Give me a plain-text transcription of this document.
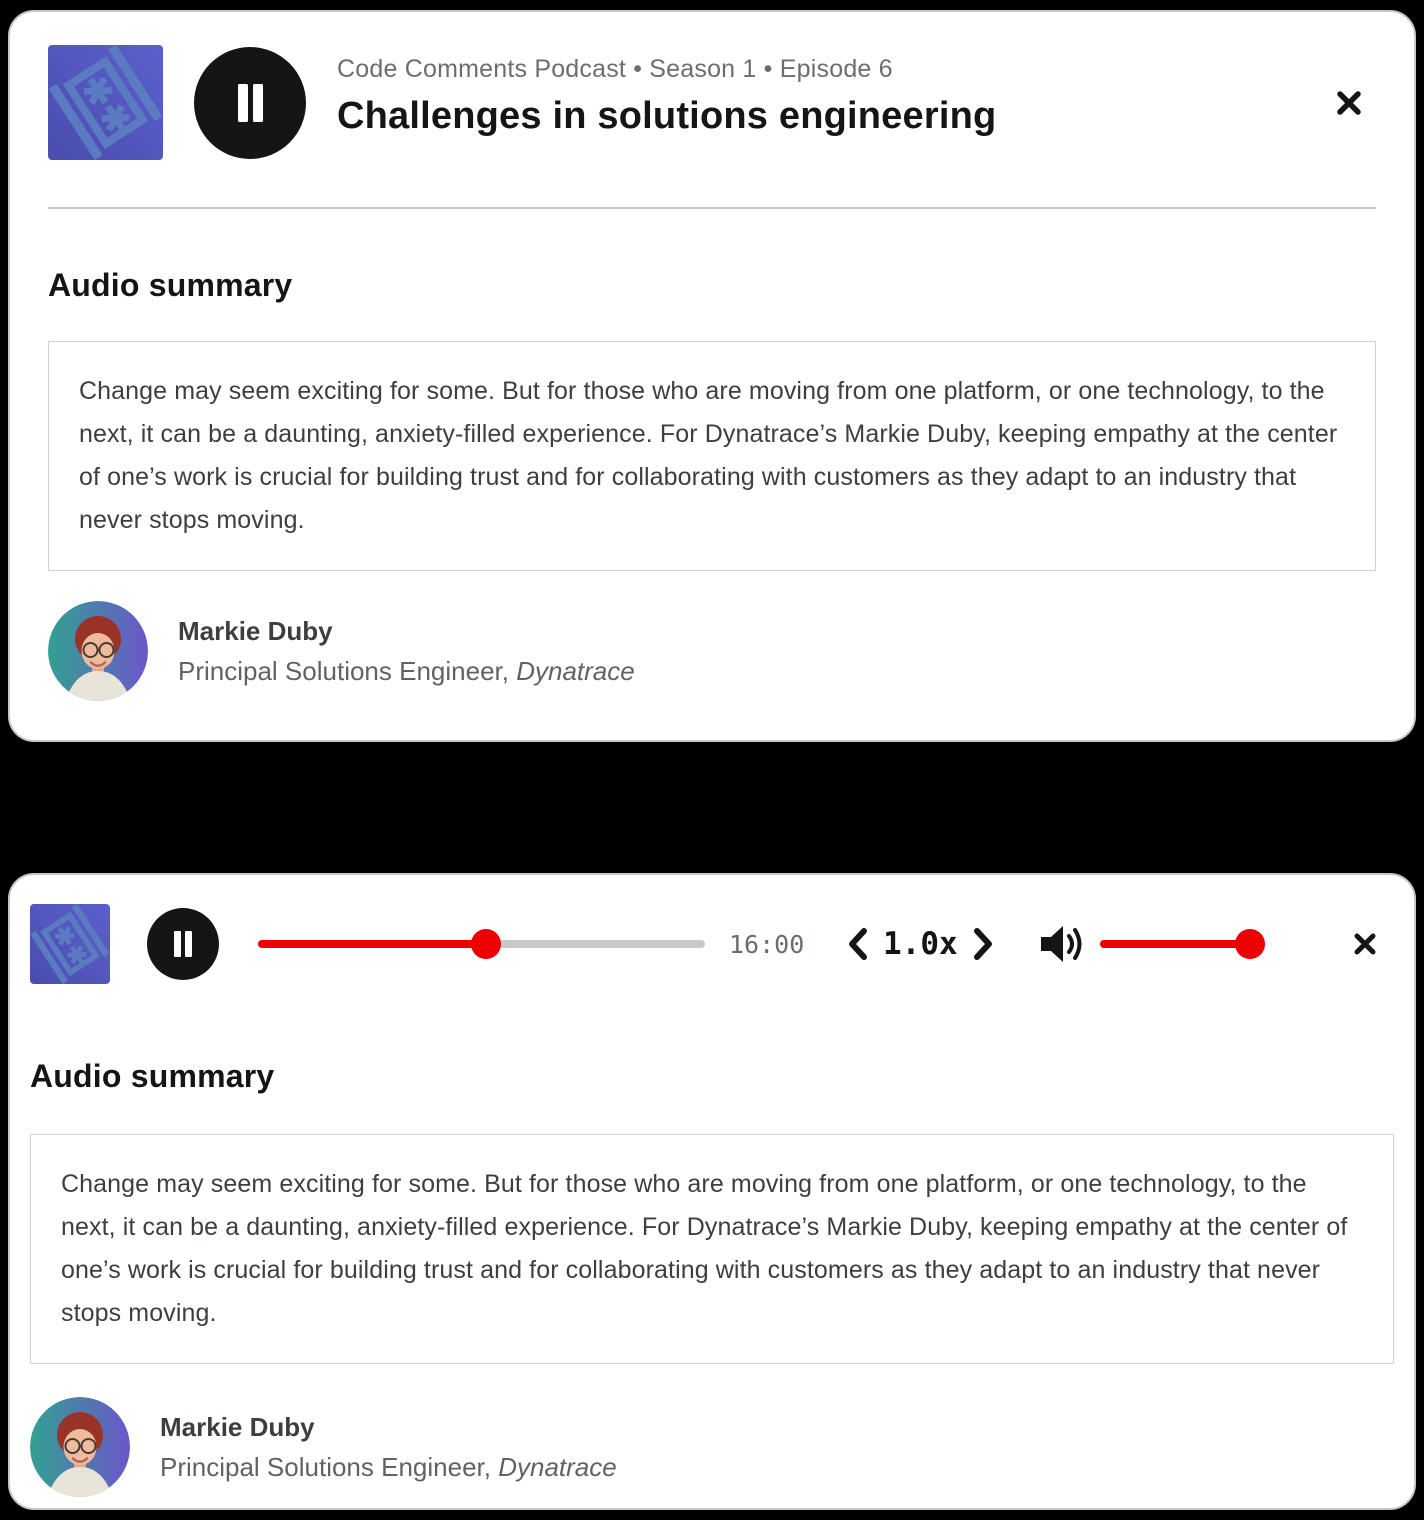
Code Comments Podcast • Season 1 • Episode 6
Challenges in solutions engineering
Audio summary
Change may seem exciting for some. But for those who are moving from one platform, or one technology, to the next, it can be a daunting, anxiety-filled experience. For Dynatrace’s Markie Duby, keeping empathy at the center of one’s work is crucial for building trust and for collaborating with customers as they adapt to an industry that never stops moving.
Markie Duby
Principal Solutions Engineer, Dynatrace
16:00	1.0x
Audio summary
Change may seem exciting for some. But for those who are moving from one platform, or one technology, to the next, it can be a daunting, anxiety-filled experience. For Dynatrace’s Markie Duby, keeping empathy at the center of one’s work is crucial for building trust and for collaborating with customers as they adapt to an industry that never stops moving.
Markie Duby
Principal Solutions Engineer, Dynatrace
